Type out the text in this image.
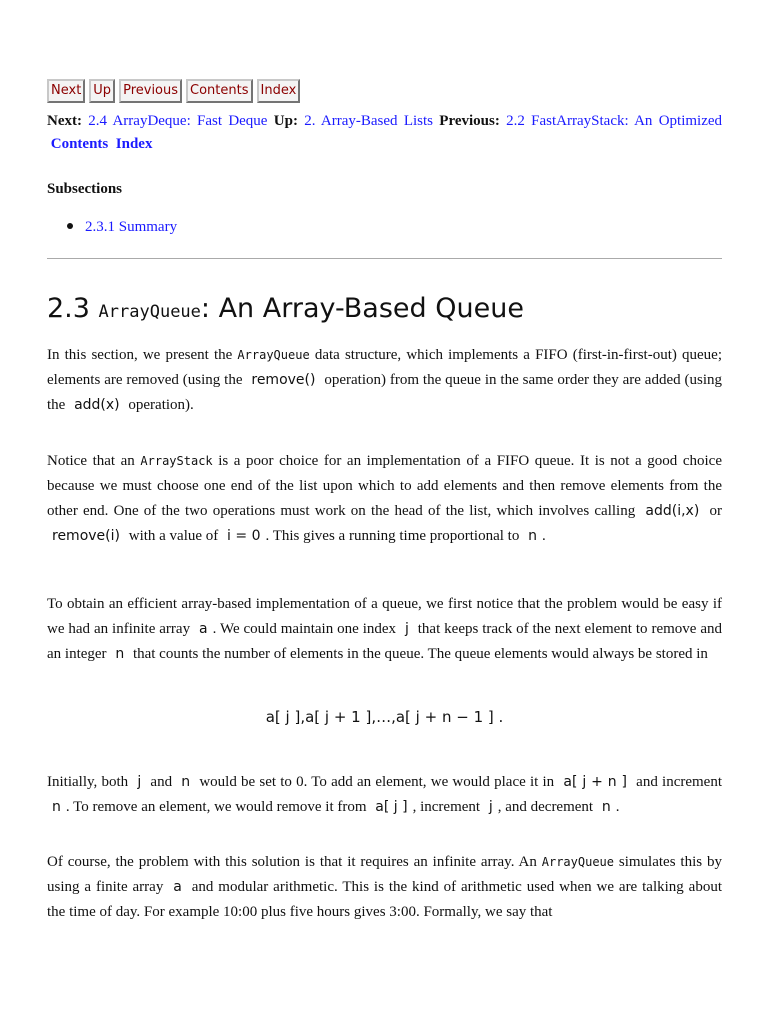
Next Up Previous Contents Index
Next: 2.4 ArrayDeque: Fast Deque Up: 2. Array-Based Lists Previous: 2.2 FastArrayStack: An Optimized  Contents Index
Subsections
2.3.1 Summary
2.3 ArrayQueue: An Array-Based Queue

In this section, we present the ArrayQueue data structure, which implements a FIFO (first-in-first-out) queue; elements are removed (using the remove() operation) from the queue in the same order they are added (using the add(x) operation).

Notice that an ArrayStack is a poor choice for an implementation of a FIFO queue. It is not a good choice because we must choose one end of the list upon which to add elements and then remove elements from the other end. One of the two operations must work on the head of the list, which involves calling add(i,x) or remove(i) with a value of i = 0 . This gives a running time proportional to n .

To obtain an efficient array-based implementation of a queue, we first notice that the problem would be easy if we had an infinite array a . We could maintain one index j that keeps track of the next element to remove and an integer n that counts the number of elements in the queue. The queue elements would always be stored in

a[ j ],a[ j + 1 ],…,a[ j + n − 1 ] .

Initially, both j and n would be set to 0. To add an element, we would place it in a[ j + n ] and increment n . To remove an element, we would remove it from a[ j ] , increment j , and decrement n .

Of course, the problem with this solution is that it requires an infinite array. An ArrayQueue simulates this by using a finite array a and modular arithmetic. This is the kind of arithmetic used when we are talking about the time of day. For example 10:00 plus five hours gives 3:00. Formally, we say that
